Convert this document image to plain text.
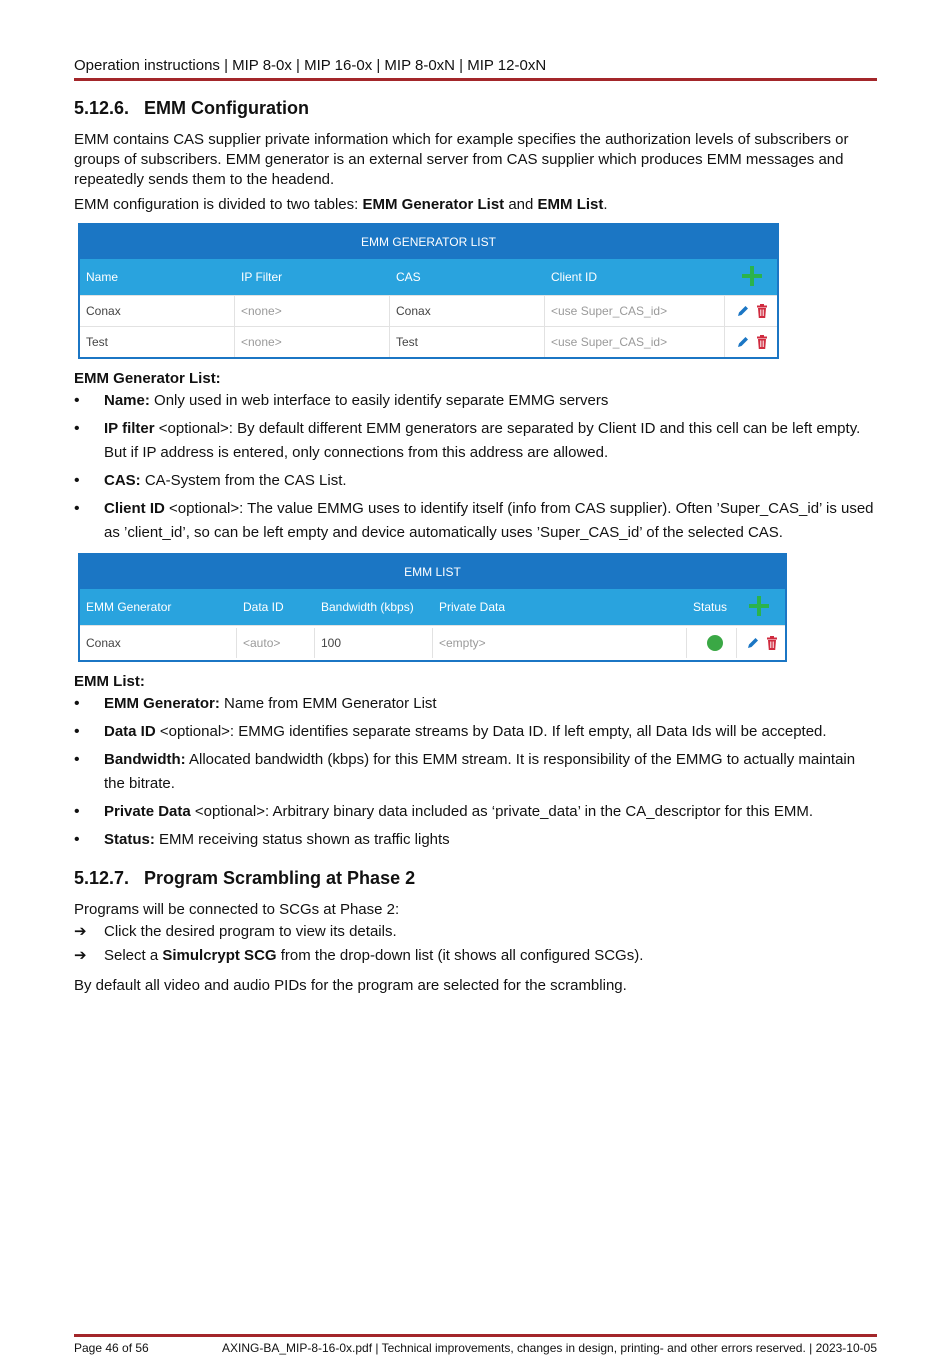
Operation instructions | MIP 8-0x | MIP 16-0x | MIP 8-0xN | MIP 12-0xN
5.12.6. EMM Configuration

EMM contains CAS supplier private information which for example specifies the authorization levels of subscribers or groups of subscribers. EMM generator is an external server from CAS supplier which produces EMM messages and repeatedly sends them to the headend.

EMM configuration is divided to two tables: EMM Generator List and EMM List.

EMM GENERATOR LIST
Name	IP Filter	CAS	Client ID
Conax	<none>	Conax	<use Super_CAS_id>
Test	<none>	Test	<use Super_CAS_id>
EMM Generator List:
• Name: Only used in web interface to easily identify separate EMMG servers
• IP filter <optional>: By default different EMM generators are separated by Client ID and this cell can be left empty. But if IP address is entered, only connections from this address are allowed.
• CAS: CA-System from the CAS List.
• Client ID <optional>: The value EMMG uses to identify itself (info from CAS supplier). Often ’Super_CAS_id’ is used as ’client_id’, so can be left empty and device automatically uses ’Super_CAS_id’ of the selected CAS.
EMM LIST
EMM Generator	Data ID	Bandwidth (kbps)	Private Data	Status
Conax	<auto>	100	<empty>
EMM List:
• EMM Generator: Name from EMM Generator List
• Data ID <optional>: EMMG identifies separate streams by Data ID. If left empty, all Data Ids will be accepted.
• Bandwidth: Allocated bandwidth (kbps) for this EMM stream. It is responsibility of the EMMG to actually maintain the bitrate.
• Private Data <optional>: Arbitrary binary data included as ‘private_data’ in the CA_descriptor for this EMM.
• Status: EMM receiving status shown as traffic lights
5.12.7. Program Scrambling at Phase 2

Programs will be connected to SCGs at Phase 2:

➔ Click the desired program to view its details.
➔ Select a Simulcrypt SCG from the drop-down list (it shows all configured SCGs).

By default all video and audio PIDs for the program are selected for the scrambling.

Page 46 of 56	AXING-BA_MIP-8-16-0x.pdf | Technical improvements, changes in design, printing- and other errors reserved. | 2023-10-05
